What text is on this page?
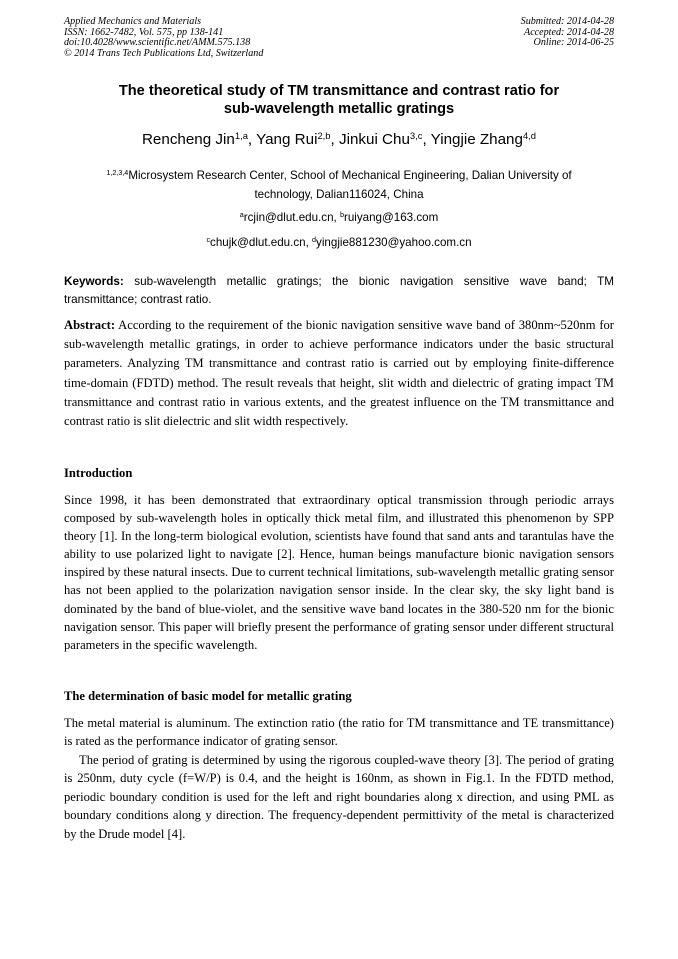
Applied Mechanics and Materials
ISSN: 1662-7482, Vol. 575, pp 138-141
doi:10.4028/www.scientific.net/AMM.575.138
© 2014 Trans Tech Publications Ltd, Switzerland
Submitted: 2014-04-28
Accepted: 2014-04-28
Online: 2014-06-25
The theoretical study of TM transmittance and contrast ratio for
sub-wavelength metallic gratings
Rencheng Jin$^{1,a}$, Yang Rui$^{2,b}$, Jinkui Chu$^{3,c}$, Yingjie Zhang$^{4,d}$
$^{1,2,3,4}$Microsystem Research Center, School of Mechanical Engineering, Dalian University of
technology, Dalian116024, China
$^a$rcjin@dlut.edu.cn, $^b$ruiyang@163.com
$^c$chujk@dlut.edu.cn, $^d$yingjie881230@yahoo.com.cn
Keywords: sub-wavelength metallic gratings; the bionic navigation sensitive wave band; TM transmittance; contrast ratio.
Abstract: According to the requirement of the bionic navigation sensitive wave band of 380nm~520nm for sub-wavelength metallic gratings, in order to achieve performance indicators under the basic structural parameters. Analyzing TM transmittance and contrast ratio is carried out by employing finite-difference time-domain (FDTD) method. The result reveals that height, slit width and dielectric of grating impact TM transmittance and contrast ratio in various extents, and the greatest influence on the TM transmittance and contrast ratio is slit dielectric and slit width respectively.
Introduction
Since 1998, it has been demonstrated that extraordinary optical transmission through periodic arrays composed by sub-wavelength holes in optically thick metal film, and illustrated this phenomenon by SPP theory [1]. In the long-term biological evolution, scientists have found that sand ants and tarantulas have the ability to use polarized light to navigate [2]. Hence, human beings manufacture bionic navigation sensors inspired by these natural insects. Due to current technical limitations, sub-wavelength metallic grating sensor has not been applied to the polarization navigation sensor inside. In the clear sky, the sky light band is dominated by the band of blue-violet, and the sensitive wave band locates in the 380-520 nm for the bionic navigation sensor. This paper will briefly present the performance of grating sensor under different structural parameters in the specific wavelength.
The determination of basic model for metallic grating
The metal material is aluminum. The extinction ratio (the ratio for TM transmittance and TE transmittance) is rated as the performance indicator of grating sensor.
The period of grating is determined by using the rigorous coupled-wave theory [3]. The period of grating is 250nm, duty cycle (f=W/P) is 0.4, and the height is 160nm, as shown in Fig.1. In the FDTD method, periodic boundary condition is used for the left and right boundaries along x direction, and using PML as boundary conditions along y direction. The frequency-dependent permittivity of the metal is characterized by the Drude model [4].
